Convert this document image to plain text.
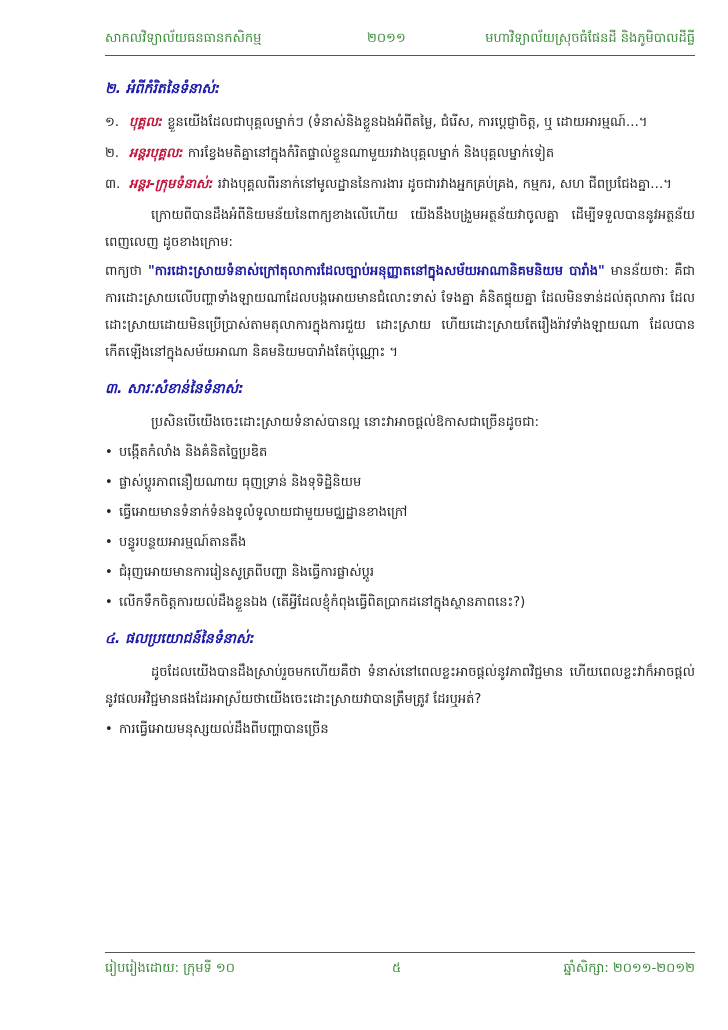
សាកលវិទ្យាល័យធនធានកសិកម្ម	២០១១	មហាវិទ្យាល័យស្រុចធំផែនដី និងភូមិបាលដីធ្លី
២. អំពីកំរិតនៃទំនាស់:
១. បុគ្គល: ខ្លួនយើងដែលជាបុគ្គលម្នាក់ៗ (ទំនាស់និងខ្លួនឯងអំពីតម្លៃ, ជំរើស, ការប្តេជ្ញាចិត្ត, ឬ ដោយអារម្មណ៍…។
២. អន្តរបុគ្គល: ការខ្វែងមតិគ្នានៅក្នុងកំរិតផ្ទាល់ខ្លួនណាមួយរវាងបុគ្គលម្នាក់ និងបុគ្គលម្នាក់ទៀត
៣. អន្តរ-ក្រុមទំនាស់: រវាងបុគ្គលពីរនាក់នៅមូលដ្ឋាននៃការងារ ដូចជារវាងអ្នកគ្រប់គ្រង, កម្មករ, សហ ជីពប្រជែងគ្នា…។

ក្រោយពីបានដឹងអំពីនិយមន័យនៃពាក្យខាងលើហើយ យើងនឹងបង្រួមអត្ថន័យវាចូលគ្នា ដើម្បីទទួលបាននូវអត្ថន័យពេញលេញ ដូចខាងក្រោម:

ពាក្យថា "ការដោះស្រាយទំនាស់ក្រៅតុលាការដែលច្បាប់អនុញ្ញាតនៅក្នុងសម័យអាណានិគមនិយម បារាំង" មានន័យថា: គឺជាការដោះស្រាយលើបញ្ហាទាំងឡាយណាដែលបង្កអោយមានជំលោះទាស់ ទែងគ្នា គំនិតផ្ទុយគ្នា ដែលមិនទាន់ដល់តុលាការ ដែលដោះស្រាយដោយមិនប្រើប្រាស់តាមតុលាការក្នុងការជួយ ដោះស្រាយ ហើយដោះស្រាយតែរឿងរ៉ាវទាំងឡាយណា ដែលបានកើតឡើងនៅក្នុងសម័យអាណា និគមនិយមបារាំងតែប៉ុណ្ណោះ ។

៣. សារៈសំខាន់នៃទំនាស់:

ប្រសិនបើយើងចេះដោះស្រាយទំនាស់បានល្អ នោះវាអាចផ្តល់ឱកាសជាច្រើនដូចជា:

• បង្កើតកំលាំង និងគំនិតច្នៃប្រឌិត
• ផ្លាស់ប្តូរភាពនឿយណាយ ធុញទ្រាន់ និងទុទិដ្ឋិនិយម
• ធ្វើអោយមានទំនាក់ទំនងទូលំទូលាយជាមួយមជ្ឈដ្ឋានខាងក្រៅ
• បន្ធូរបន្ថយអារម្មណ៍តានតឹង
• ជំរុញអោយមានការរៀនសូត្រពីបញ្ហា និងធ្វើការផ្លាស់ប្តូរ
• លើកទឹកចិត្តការយល់ដឹងខ្លួនឯង (តើអ្វីដែលខ្ញុំកំពុងធ្វើពិតប្រាកដនៅក្នុងស្ថានភាពនេះ?)
៤. ផលប្រយោជន៍នៃទំនាស់:

ដូចដែលយើងបានដឹងស្រាប់រួចមកហើយគឺថា ទំនាស់នៅពេលខ្លះអាចផ្តល់នូវភាពវិជ្ជមាន ហើយពេលខ្លះវាក៏អាចផ្តល់នូវផលអវិជ្ជមានផងដែរអាស្រ័យថាយើងចេះដោះស្រាយវាបានត្រឹមត្រូវ ដែរឬអត់?

• ការធ្វើអោយមនុស្សយល់ដឹងពីបញ្ហាបានច្រើន
រៀបរៀងដោយ: ក្រុមទី ១០	៥	ឆ្នាំសិក្សា: ២០១១-២០១២
